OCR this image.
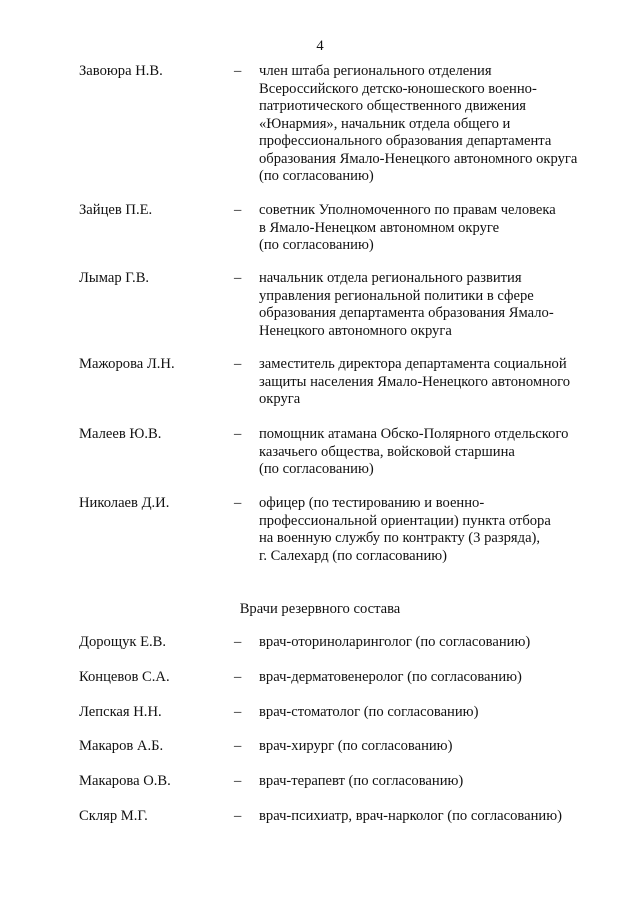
4
Завоюра Н.В.	– член штаба регионального отделения
Всероссийского детско-юношеского военно-
патриотического общественного движения
«Юнармия», начальник отдела общего и
профессионального образования департамента
образования Ямало-Ненецкого автономного округа
(по согласованию)
Зайцев П.Е.	– советник Уполномоченного по правам человека
в Ямало-Ненецком автономном округе
(по согласованию)
Лымар Г.В.	– начальник отдела регионального развития
управления региональной политики в сфере
образования департамента образования Ямало-
Ненецкого автономного округа
Мажорова Л.Н.	– заместитель директора департамента социальной
защиты населения Ямало-Ненецкого автономного
округа
Малеев Ю.В.	– помощник атамана Обско-Полярного отдельского
казачьего общества, войсковой старшина
(по согласованию)
Николаев Д.И.	– офицер (по тестированию и военно-
профессиональной ориентации) пункта отбора
на военную службу по контракту (3 разряда),
г. Салехард (по согласованию)
Врачи резервного состава
Дорощук Е.В.	– врач-оториноларинголог (по согласованию)
Концевов С.А.	– врач-дерматовенеролог (по согласованию)
Лепская Н.Н.	– врач-стоматолог (по согласованию)
Макаров А.Б.	– врач-хирург (по согласованию)
Макарова О.В.	– врач-терапевт (по согласованию)
Скляр М.Г.	– врач-психиатр, врач-нарколог (по согласованию)
